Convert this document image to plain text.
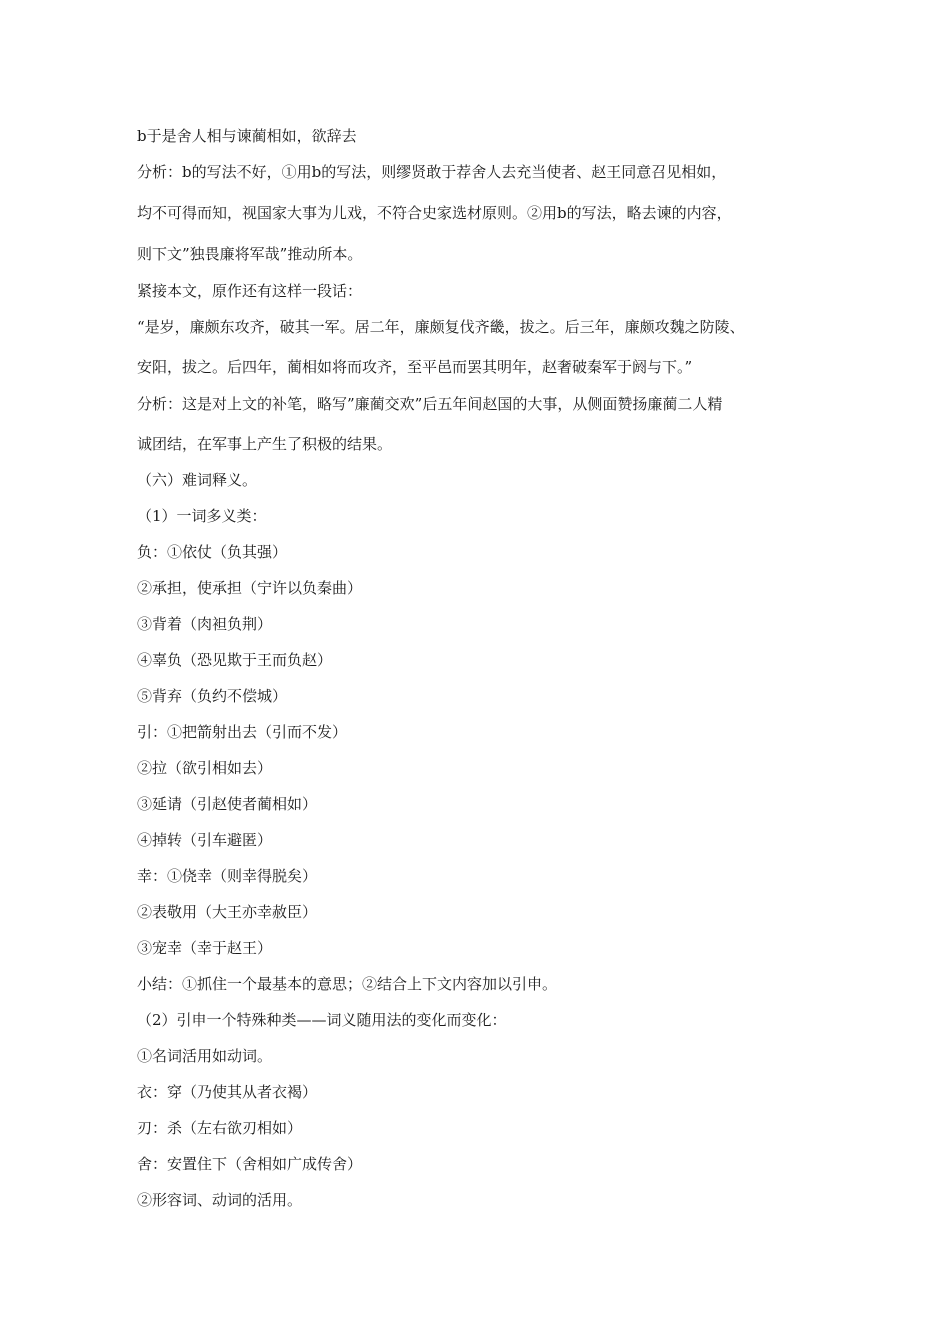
b于是舍人相与谏蔺相如，欲辞去
分析：b的写法不好，①用b的写法，则缪贤敢于荐舍人去充当使者、赵王同意召见相如，
均不可得而知，视国家大事为儿戏，不符合史家选材原则。②用b的写法，略去谏的内容，
则下文”独畏廉将军哉”推动所本。
紧接本文，原作还有这样一段话：
“是岁，廉颇东攻齐，破其一军。居二年，廉颇复伐齐畿，拔之。后三年，廉颇攻魏之防陵、
安阳，拔之。后四年，蔺相如将而攻齐，至平邑而罢其明年，赵奢破秦军于阏与下。”
分析：这是对上文的补笔，略写”廉蔺交欢”后五年间赵国的大事，从侧面赞扬廉蔺二人精
诚团结，在军事上产生了积极的结果。
（六）难词释义。
（1）一词多义类：
负：①依仗（负其强）
②承担，使承担（宁许以负秦曲）
③背着（肉袒负荆）
④辜负（恐见欺于王而负赵）
⑤背弃（负约不偿城）
引：①把箭射出去（引而不发）
②拉（欲引相如去）
③延请（引赵使者蔺相如）
④掉转（引车避匿）
幸：①侥幸（则幸得脱矣）
②表敬用（大王亦幸赦臣）
③宠幸（幸于赵王）
小结：①抓住一个最基本的意思；②结合上下文内容加以引申。
（2）引申一个特殊种类——词义随用法的变化而变化：
①名词活用如动词。
衣：穿（乃使其从者衣褐）
刃：杀（左右欲刃相如）
舍：安置住下（舍相如广成传舍）
②形容词、动词的活用。
